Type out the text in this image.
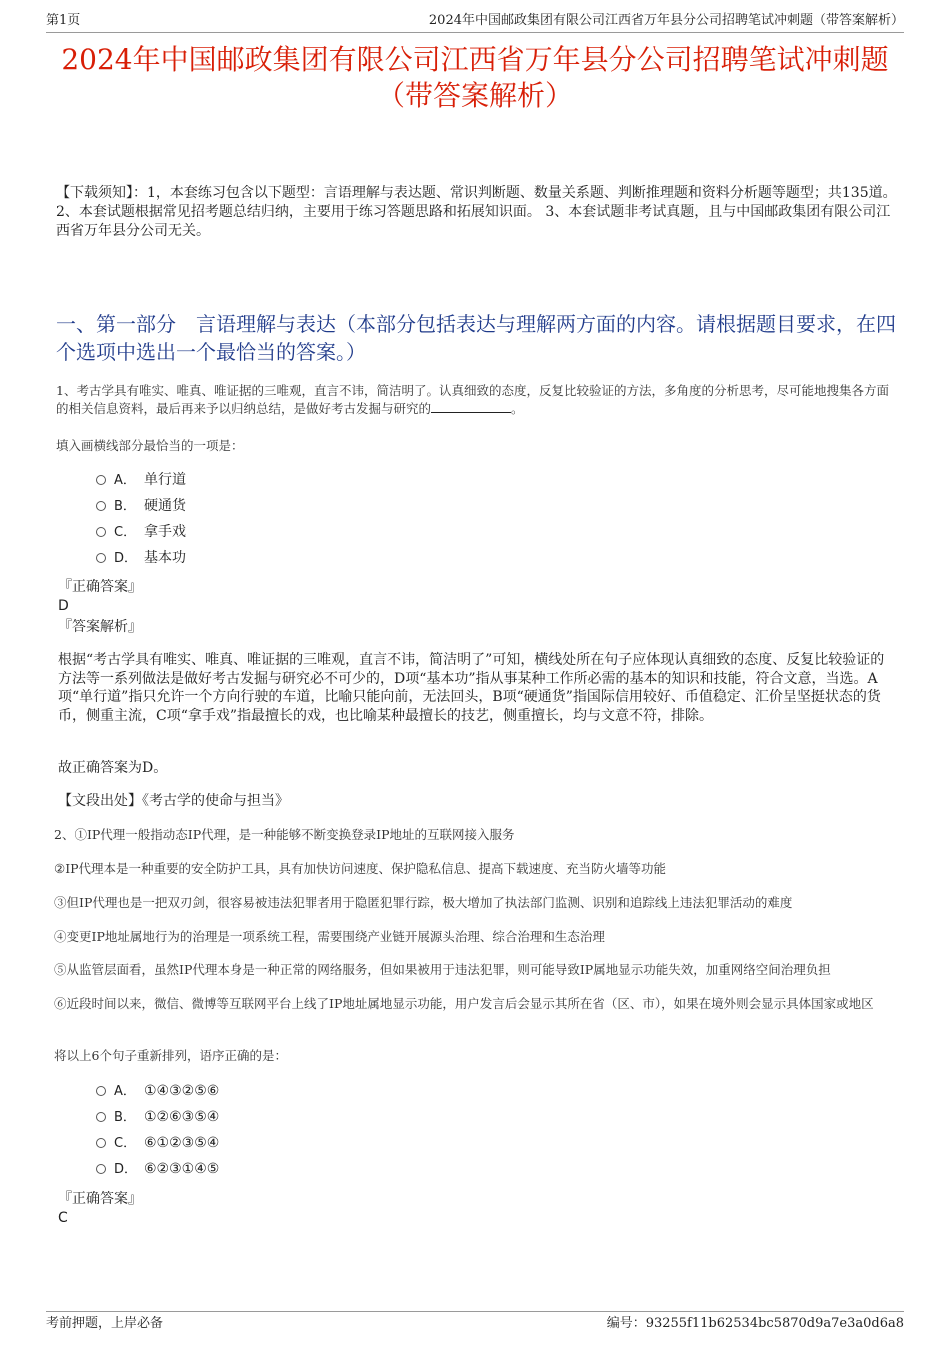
第1页	2024年中国邮政集团有限公司江西省万年县分公司招聘笔试冲刺题（带答案解析）
2024年中国邮政集团有限公司江西省万年县分公司招聘笔试冲刺题（带答案解析）
【下载须知】：1，本套练习包含以下题型：言语理解与表达题、常识判断题、数量关系题、判断推理题和资料分析题等题型；共135道。 2、本套试题根据常见招考题总结归纳，主要用于练习答题思路和拓展知识面。 3、本套试题非考试真题，且与中国邮政集团有限公司江西省万年县分公司无关。
一、第一部分　言语理解与表达（本部分包括表达与理解两方面的内容。请根据题目要求，在四个选项中选出一个最恰当的答案。）
1、考古学具有唯实、唯真、唯证据的三唯观，直言不讳，简洁明了。认真细致的态度，反复比较验证的方法，多角度的分析思考，尽可能地搜集各方面的相关信息资料，最后再来予以归纳总结，是做好考古发掘与研究的	。
填入画横线部分最恰当的一项是：
A． 单行道
B． 硬通货
C． 拿手戏
D． 基本功
『正确答案』
D
『答案解析』
根据“考古学具有唯实、唯真、唯证据的三唯观，直言不讳，简洁明了”可知，横线处所在句子应体现认真细致的态度、反复比较验证的方法等一系列做法是做好考古发掘与研究必不可少的，D项“基本功”指从事某种工作所必需的基本的知识和技能，符合文意，当选。A项“单行道”指只允许一个方向行驶的车道，比喻只能向前，无法回头，B项“硬通货”指国际信用较好、币值稳定、汇价呈坚挺状态的货币，侧重主流，C项“拿手戏”指最擅长的戏，也比喻某种最擅长的技艺，侧重擅长，均与文意不符，排除。
故正确答案为D。
【文段出处】《考古学的使命与担当》
2、①IP代理一般指动态IP代理，是一种能够不断变换登录IP地址的互联网接入服务
②IP代理本是一种重要的安全防护工具，具有加快访问速度、保护隐私信息、提高下载速度、充当防火墙等功能
③但IP代理也是一把双刃剑，很容易被违法犯罪者用于隐匿犯罪行踪，极大增加了执法部门监测、识别和追踪线上违法犯罪活动的难度
④变更IP地址属地行为的治理是一项系统工程，需要围绕产业链开展源头治理、综合治理和生态治理
⑤从监管层面看，虽然IP代理本身是一种正常的网络服务，但如果被用于违法犯罪，则可能导致IP属地显示功能失效，加重网络空间治理负担
⑥近段时间以来，微信、微博等互联网平台上线了IP地址属地显示功能，用户发言后会显示其所在省（区、市），如果在境外则会显示具体国家或地区
将以上6个句子重新排列，语序正确的是：
A． ①④③②⑤⑥
B． ①②⑥③⑤④
C． ⑥①②③⑤④
D． ⑥②③①④⑤
『正确答案』
C
考前押题，上岸必备	编号：93255f11b62534bc5870d9a7e3a0d6a8
